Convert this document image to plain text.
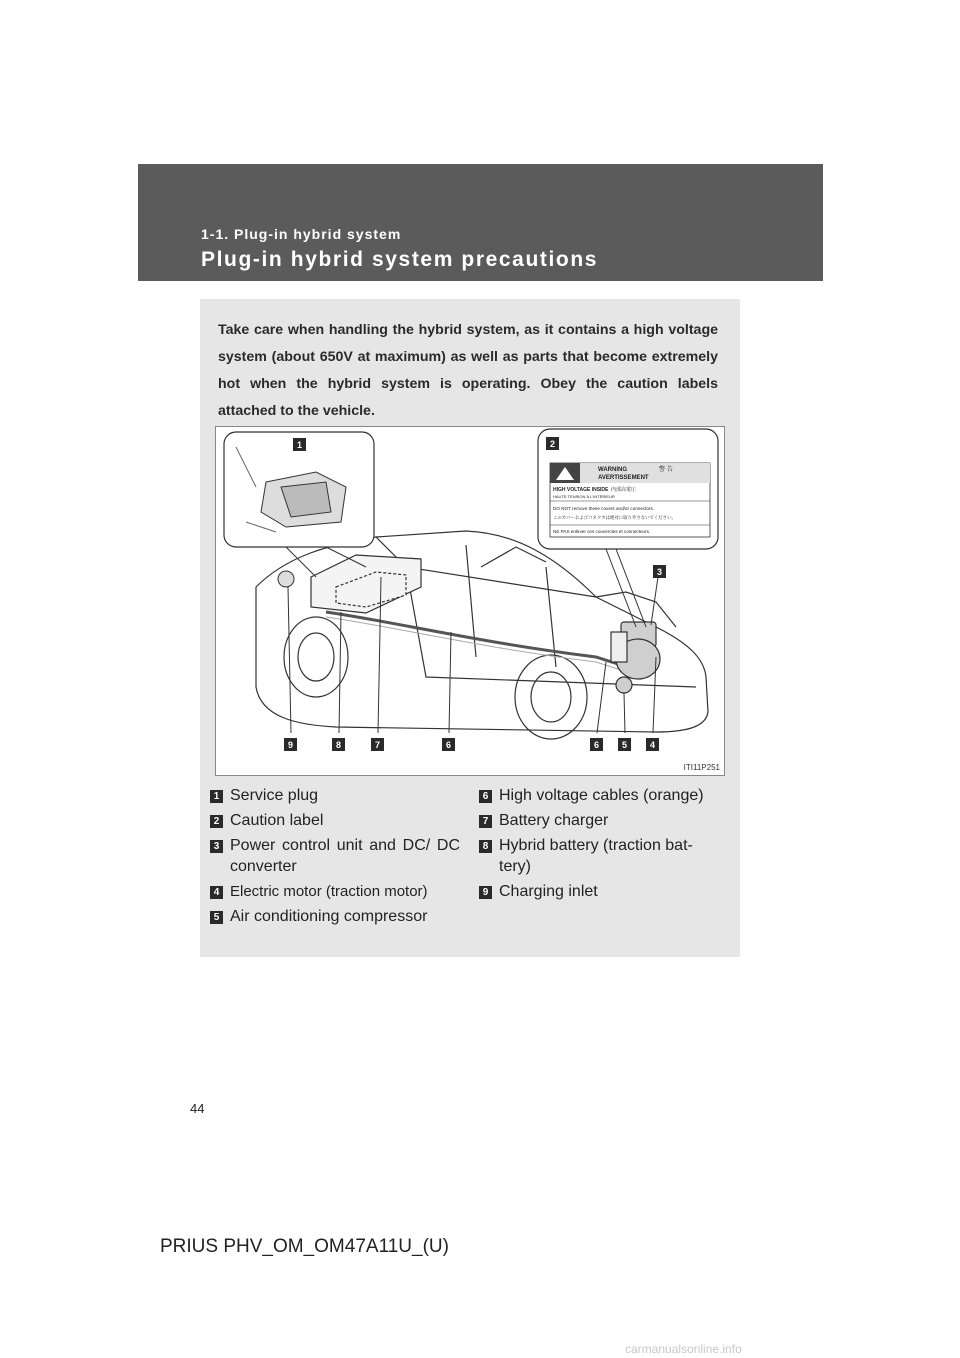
1-1. Plug-in hybrid system
Plug-in hybrid system precautions
Take care when handling the hybrid system, as it contains a high voltage system (about 650V at maximum) as well as parts that become extremely hot when the hybrid system is operating. Obey the caution labels attached to the vehicle.
WARNING	警 告
AVERTISSEMENT
HIGH VOLTAGE INSIDE 内部高電圧
HAUTE TENSION À L'INTÉRIEUR
DO NOT remove these covers and/or connectors.
このカバーおよびコネクタは絶対に取り外さないでください。
NE PAS enlever ces couvercles et connecteurs.
1	2
3
9	8	7	6	6	5	4
ITI11P251
1 Service plug
2 Caution label
3 Power control unit and DC/ DC converter
4 Electric motor (traction motor)
5 Air conditioning compressor
6 High voltage cables (orange)
7 Battery charger
8 Hybrid battery (traction bat- tery)
9 Charging inlet
44
PRIUS PHV_OM_OM47A11U_(U)
carmanualsonline.info
